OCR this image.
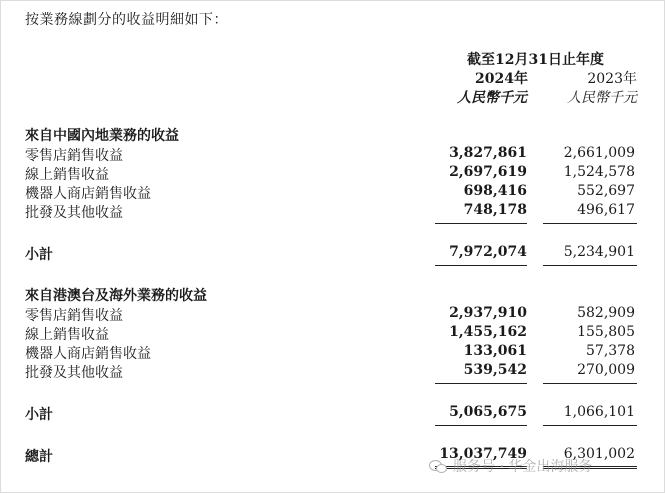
按業務線劃分的收益明細如下：
截至12月31日止年度
2024年	2023年
人民幣千元	人民幣千元
來自中國內地業務的收益
零售店銷售收益	3,827,861	2,661,009
線上銷售收益	2,697,619	1,524,578
機器人商店銷售收益	698,416	552,697
批發及其他收益	748,178	496,617
小計	7,972,074	5,234,901
來自港澳台及海外業務的收益
零售店銷售收益	2,937,910	582,909
線上銷售收益	1,455,162	155,805
機器人商店銷售收益	133,061	57,378
批發及其他收益	539,542	270,009
小計	5,065,675	1,066,101
總計	13,037,749	6,301,002
服务号 · 华金出海服务
